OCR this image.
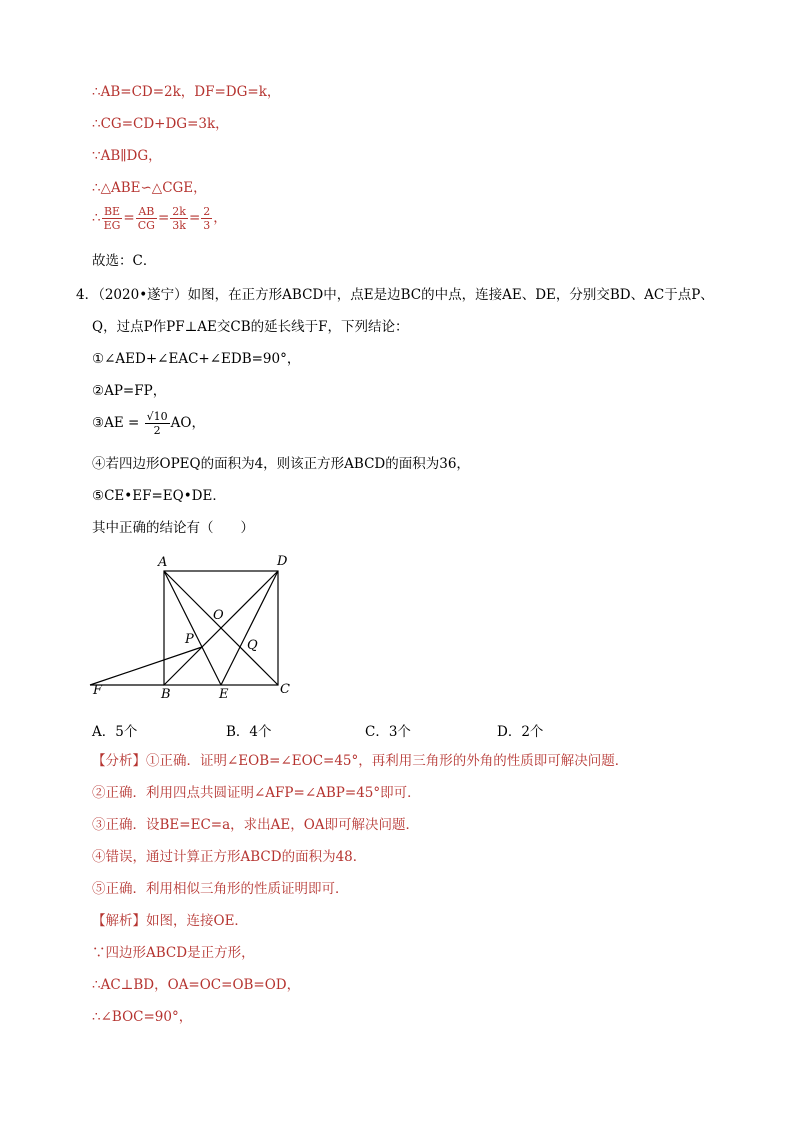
∴AB=CD=2k，DF=DG=k，
∴CG=CD+DG=3k，
∵AB∥DG，
∴△ABE∽△CGE，
∴ $\frac{BE}{EG} = \frac{AB}{CG} = \frac{2k}{3k} = \frac{2}{3}$ ，
故选：C．
4．（2020•遂宁）如图，在正方形ABCD中，点E是边BC的中点，连接AE、DE，分别交BD、AC于点P、
Q，过点P作PF⊥AE交CB的延长线于F，下列结论：
①∠AED+∠EAC+∠EDB=90°，
②AP=FP，
③AE = $\frac{√10}{2}$ AO，
④若四边形OPEQ的面积为4，则该正方形ABCD的面积为36，
⑤CE•EF=EQ•DE．
其中正确的结论有（　　）
A	D
B	C
E
F
O
P	Q
A．5个	B．4个	C．3个	D．2个
【分析】①正确．证明∠EOB=∠EOC=45°，再利用三角形的外角的性质即可解决问题．
②正确．利用四点共圆证明∠AFP=∠ABP=45°即可．
③正确．设BE=EC=a，求出AE，OA即可解决问题．
④错误，通过计算正方形ABCD的面积为48．
⑤正确．利用相似三角形的性质证明即可．
【解析】如图，连接OE．
∵四边形ABCD是正方形，
∴AC⊥BD，OA=OC=OB=OD，
∴∠BOC=90°，
